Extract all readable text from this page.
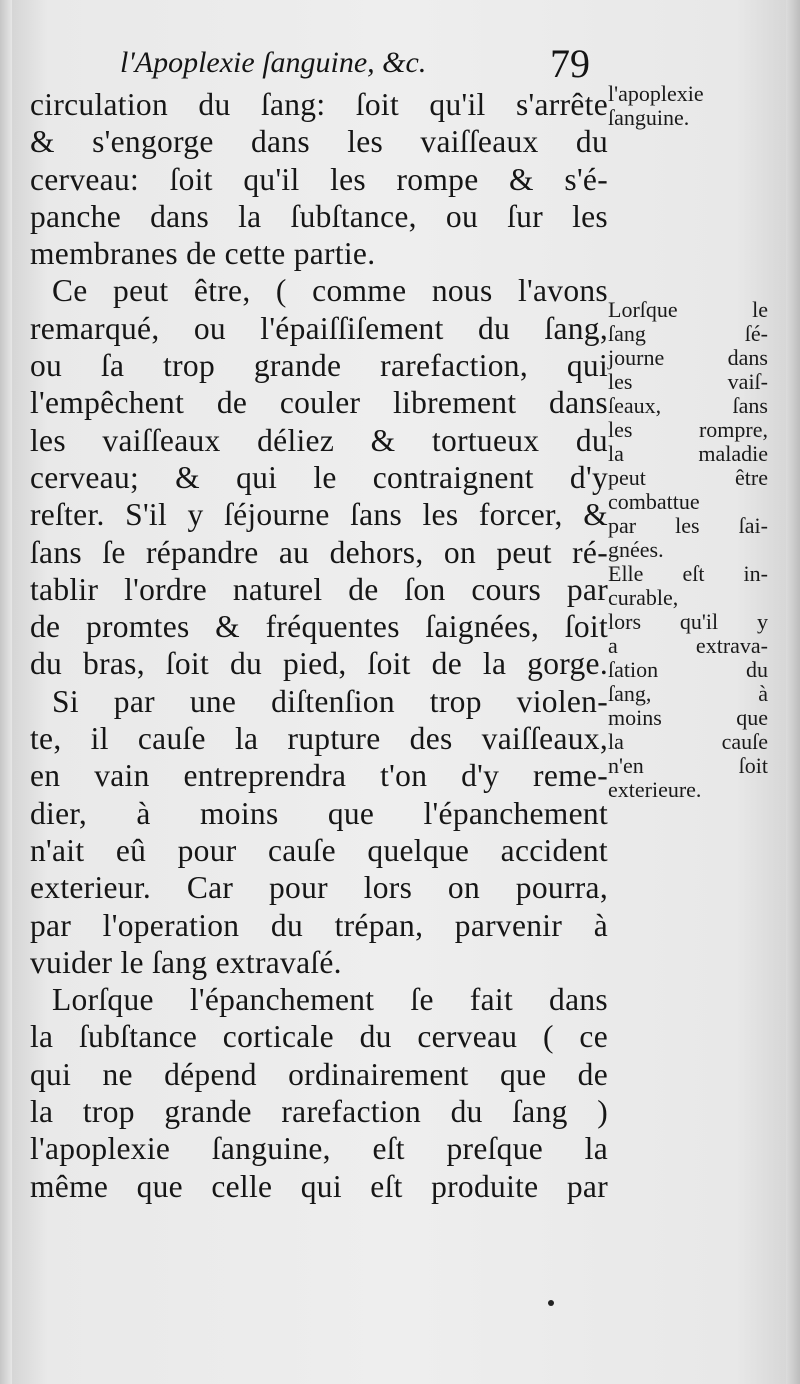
l'Apoplexie ſanguine, &c.	79
circulation du ſang: ſoit qu'il s'arrête
& s'engorge dans les vaiſſeaux du
cerveau: ſoit qu'il les rompe & s'é-
panche dans la ſubſtance, ou ſur les
membranes de cette partie.
Ce peut être, ( comme nous l'avons
remarqué, ou l'épaiſſiſement du ſang,
ou ſa trop grande rarefaction, qui
l'empêchent de couler librement dans
les vaiſſeaux déliez & tortueux du
cerveau; & qui le contraignent d'y
reſter. S'il y ſéjourne ſans les forcer, &
ſans ſe répandre au dehors, on peut ré-
tablir l'ordre naturel de ſon cours par
de promtes & fréquentes ſaignées, ſoit
du bras, ſoit du pied, ſoit de la gorge.
Si par une diſtenſion trop violen-
te, il cauſe la rupture des vaiſſeaux,
en vain entreprendra t'on d'y reme-
dier, à moins que l'épanchement
n'ait eû pour cauſe quelque accident
exterieur. Car pour lors on pourra,
par l'operation du trépan, parvenir à
vuider le ſang extravaſé.
Lorſque l'épanchement ſe fait dans
la ſubſtance corticale du cerveau ( ce
qui ne dépend ordinairement que de
la trop grande rarefaction du ſang )
l'apoplexie ſanguine, eſt preſque la
même que celle qui eſt produite par
l'apoplexie
ſanguine.
Lorſque le
ſang ſé-
journe dans
les vaiſ-
ſeaux, ſans
les rompre,
la maladie
peut être
combattue
par les ſai-
gnées.
Elle eſt in-
curable,
lors qu'il y
a extrava-
ſation du
ſang, à
moins que
la cauſe
n'en ſoit
exterieure.
